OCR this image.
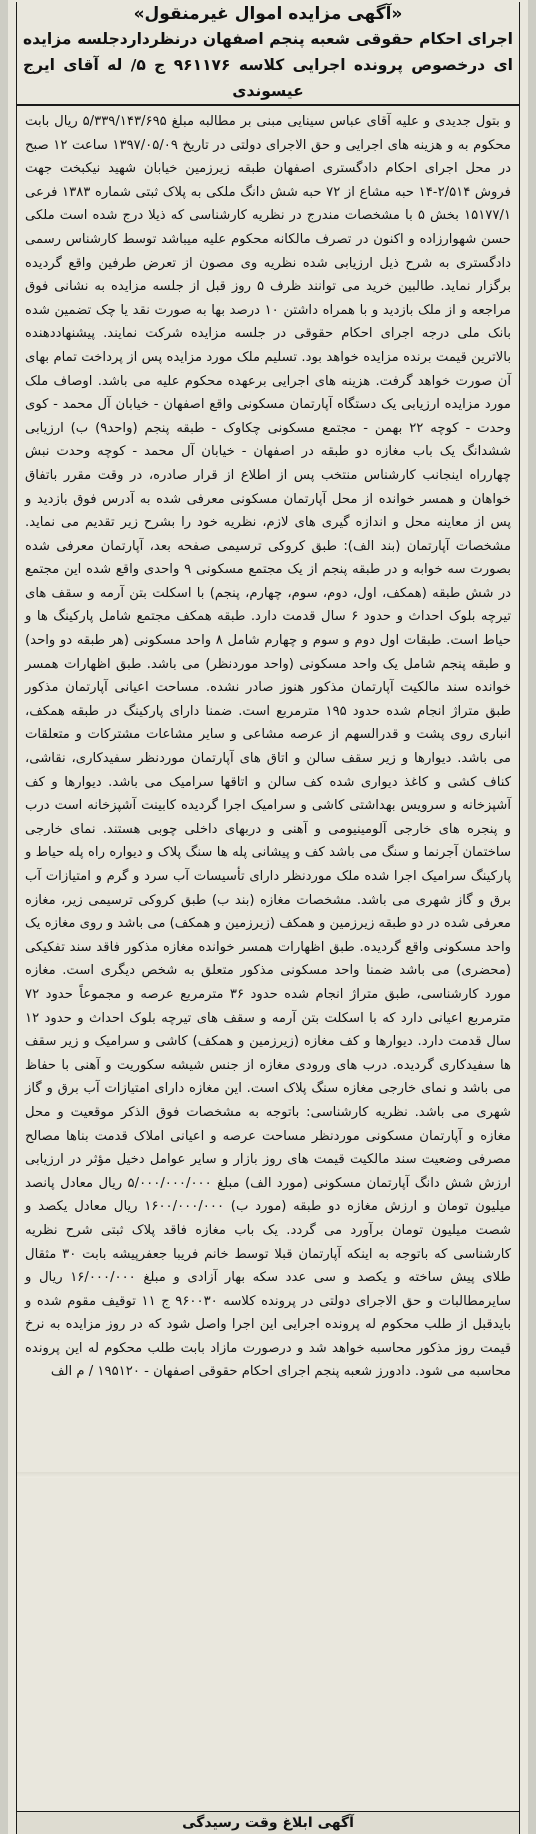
«آگهی مزایده اموال غیرمنقول»

اجرای احکام حقوقی شعبه پنجم اصفهان درنظرداردجلسه مزایده ای درخصوص پرونده اجرایی کلاسه ۹۶۱۱۷۶ ج ۵/ له آقای ایرج عیسوندی

و بتول جدیدی و علیه آقای عباس سینایی مبنی بر مطالبه مبلغ ۵/۳۳۹/۱۴۳/۶۹۵ ریال بابت محکوم به و هزینه های اجرایی و حق الاجرای دولتی در تاریخ ۱۳۹۷/۰۵/۰۹ ساعت ۱۲ صبح در محل اجرای احکام دادگستری اصفهان طبقه زیرزمین خیابان شهید نیکبخت جهت فروش ۲/۵۱۴-۱۴ حبه مشاع از ۷۲ حبه شش دانگ ملکی به پلاک ثبتی شماره ۱۳۸۳ فرعی ۱۵۱۷۷/۱ بخش ۵ با مشخصات مندرج در نظریه کارشناسی که ذیلا درج شده است ملکی حسن شهوارزاده و اکنون در تصرف مالکانه محکوم علیه میباشد توسط کارشناس رسمی دادگستری به شرح ذیل ارزیابی شده نظریه وی مصون از تعرض طرفین واقع گردیده برگزار نماید. طالبین خرید می توانند ظرف ۵ روز قبل از جلسه مزایده به نشانی فوق مراجعه و از ملک بازدید و با همراه داشتن ۱۰ درصد بها به صورت نقد یا چک تضمین شده بانک ملی درجه اجرای احکام حقوقی در جلسه مزایده شرکت نمایند. پیشنهاددهنده بالاترین قیمت برنده مزایده خواهد بود. تسلیم ملک مورد مزایده پس از پرداخت تمام بهای آن صورت خواهد گرفت. هزینه های اجرایی برعهده محکوم علیه می باشد. اوصاف ملک مورد مزایده ارزیابی یک دستگاه آپارتمان مسکونی واقع اصفهان - خیابان آل محمد - کوی وحدت - کوچه ۲۲ بهمن - مجتمع مسکونی چکاوک - طبقه پنجم (واحد۹) ب) ارزیابی ششدانگ یک باب مغازه دو طبقه در اصفهان - خیابان آل محمد - کوچه وحدت نبش چهارراه اینجانب کارشناس منتخب پس از اطلاع از قرار صادره، در وقت مقرر باتفاق خواهان و همسر خوانده از محل آپارتمان مسکونی معرفی شده به آدرس فوق بازدید و پس از معاینه محل و اندازه گیری های لازم، نظریه خود را بشرح زیر تقدیم می نماید. مشخصات آپارتمان (بند الف): طبق کروکی ترسیمی صفحه بعد، آپارتمان معرفی شده بصورت سه خوابه و در طبقه پنجم از یک مجتمع مسکونی ۹ واحدی واقع شده این مجتمع در شش طبقه (همکف، اول، دوم، سوم، چهارم، پنجم) با اسکلت بتن آرمه و سقف های تیرچه بلوک احداث و حدود ۶ سال قدمت دارد. طبقه همکف مجتمع شامل پارکینگ ها و حیاط است. طبقات اول دوم و سوم و چهارم شامل ۸ واحد مسکونی (هر طبقه دو واحد) و طبقه پنجم شامل یک واحد مسکونی (واحد موردنظر) می باشد. طبق اظهارات همسر خوانده سند مالکیت آپارتمان مذکور هنوز صادر نشده. مساحت اعیانی آپارتمان مذکور طبق متراژ انجام شده حدود ۱۹۵ مترمربع است. ضمنا دارای پارکینگ در طبقه همکف، انباری روی پشت و قدرالسهم از عرصه مشاعی و سایر مشاعات مشترکات و متعلقات می باشد. دیوارها و زیر سقف سالن و اتاق های آپارتمان موردنظر سفیدکاری، نقاشی، کناف کشی و کاغذ دیواری شده کف سالن و اتاقها سرامیک می باشد. دیوارها و کف آشپزخانه و سرویس بهداشتی کاشی و سرامیک اجرا گردیده کابینت آشپزخانه است درب و پنجره های خارجی آلومینیومی و آهنی و دربهای داخلی چوبی هستند. نمای خارجی ساختمان آجرنما و سنگ می باشد کف و پیشانی پله ها سنگ پلاک و دیواره راه پله حیاط و پارکینگ سرامیک اجرا شده ملک موردنظر دارای تأسیسات آب سرد و گرم و امتیازات آب برق و گاز شهری می باشد. مشخصات مغازه (بند ب) طبق کروکی ترسیمی زیر، مغازه معرفی شده در دو طبقه زیرزمین و همکف (زیرزمین و همکف) می باشد و روی مغازه یک واحد مسکونی واقع گردیده. طبق اظهارات همسر خوانده مغازه مذکور فاقد سند تفکیکی (محضری) می باشد ضمنا واحد مسکونی مذکور متعلق به شخص دیگری است. مغازه مورد کارشناسی، طبق متراژ انجام شده حدود ۳۶ مترمربع عرصه و مجموعاً حدود ۷۲ مترمربع اعیانی دارد که با اسکلت بتن آرمه و سقف های تیرچه بلوک احداث و حدود ۱۲ سال قدمت دارد. دیوارها و کف مغازه (زیرزمین و همکف) کاشی و سرامیک و زیر سقف ها سفیدکاری گردیده. درب های ورودی مغازه از جنس شیشه سکوریت و آهنی با حفاظ می باشد و نمای خارجی مغازه سنگ پلاک است. این مغازه دارای امتیازات آب برق و گاز شهری می باشد. نظریه کارشناسی: باتوجه به مشخصات فوق الذکر موقعیت و محل مغازه و آپارتمان مسکونی موردنظر مساحت عرصه و اعیانی املاک قدمت بناها مصالح مصرفی وضعیت سند مالکیت قیمت های روز بازار و سایر عوامل دخیل مؤثر در ارزیابی ارزش شش دانگ آپارتمان مسکونی (مورد الف) مبلغ ۵/۰۰۰/۰۰۰/۰۰۰ ریال معادل پانصد میلیون تومان و ارزش مغازه دو طبقه (مورد ب) ۱۶۰۰/۰۰۰/۰۰۰ ریال معادل یکصد و شصت میلیون تومان برآورد می گردد. یک باب مغازه فاقد پلاک ثبتی شرح نظریه کارشناسی که باتوجه به اینکه آپارتمان قبلا توسط خانم فریبا جعفرپیشه بابت ۳۰ مثقال طلای پیش ساخته و یکصد و سی عدد سکه بهار آزادی و مبلغ ۱۶/۰۰۰/۰۰۰ ریال و سایرمطالبات و حق الاجرای دولتی در پرونده کلاسه ۹۶۰۰۳۰ ج ۱۱ توقیف مقوم شده و بایدقبل از طلب محکوم له پرونده اجرایی این اجرا واصل شود که در روز مزایده به نرخ قیمت روز مذکور محاسبه خواهد شد و درصورت مازاد بابت طلب محکوم له این پرونده محاسبه می شود. دادورز شعبه پنجم اجرای احکام حقوقی اصفهان - ۱۹۵۱۲۰ / م الف

آگهی ابلاغ وقت رسیدگی
